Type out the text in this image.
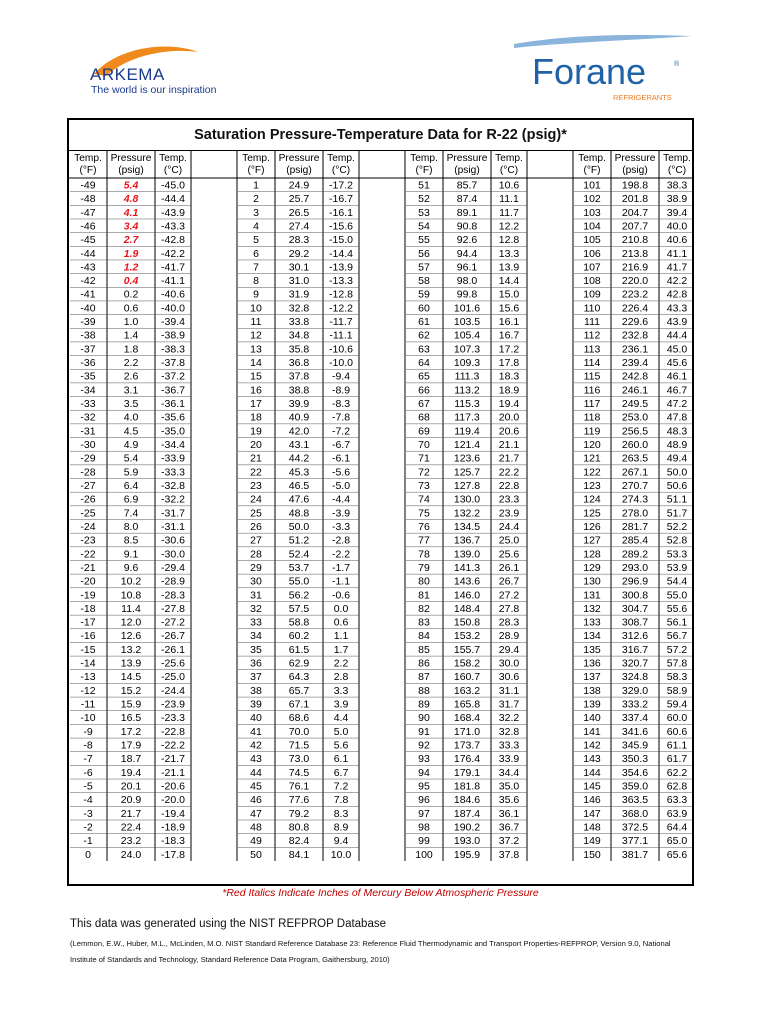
ARKEMA
The world is our inspiration	Forane	®
REFRIGERANTS
Saturation Pressure-Temperature Data for R-22 (psig)*
Temp.
(°F)
-49
-48
-47
-46
-45
-44
-43
-42
-41
-40
-39
-38
-37
-36
-35
-34
-33
-32
-31
-30
-29
-28
-27
-26
-25
-24
-23
-22
-21
-20
-19
-18
-17
-16
-15
-14
-13
-12
-11
-10
-9
-8
-7
-6
-5
-4
-3
-2
-1
0
Pressure
(psig)
5.4
4.8
4.1
3.4
2.7
1.9
1.2
0.4
0.2
0.6
1.0
1.4
1.8
2.2
2.6
3.1
3.5
4.0
4.5
4.9
5.4
5.9
6.4
6.9
7.4
8.0
8.5
9.1
9.6
10.2
10.8
11.4
12.0
12.6
13.2
13.9
14.5
15.2
15.9
16.5
17.2
17.9
18.7
19.4
20.1
20.9
21.7
22.4
23.2
24.0
Temp.
(°C)
-45.0
-44.4
-43.9
-43.3
-42.8
-42.2
-41.7
-41.1
-40.6
-40.0
-39.4
-38.9
-38.3
-37.8
-37.2
-36.7
-36.1
-35.6
-35.0
-34.4
-33.9
-33.3
-32.8
-32.2
-31.7
-31.1
-30.6
-30.0
-29.4
-28.9
-28.3
-27.8
-27.2
-26.7
-26.1
-25.6
-25.0
-24.4
-23.9
-23.3
-22.8
-22.2
-21.7
-21.1
-20.6
-20.0
-19.4
-18.9
-18.3
-17.8
Temp.
(°F)
1
2
3
4
5
6
7
8
9
10
11
12
13
14
15
16
17
18
19
20
21
22
23
24
25
26
27
28
29
30
31
32
33
34
35
36
37
38
39
40
41
42
43
44
45
46
47
48
49
50
Pressure
(psig)
24.9
25.7
26.5
27.4
28.3
29.2
30.1
31.0
31.9
32.8
33.8
34.8
35.8
36.8
37.8
38.8
39.9
40.9
42.0
43.1
44.2
45.3
46.5
47.6
48.8
50.0
51.2
52.4
53.7
55.0
56.2
57.5
58.8
60.2
61.5
62.9
64.3
65.7
67.1
68.6
70.0
71.5
73.0
74.5
76.1
77.6
79.2
80.8
82.4
84.1
Temp.
(°C)
-17.2
-16.7
-16.1
-15.6
-15.0
-14.4
-13.9
-13.3
-12.8
-12.2
-11.7
-11.1
-10.6
-10.0
-9.4
-8.9
-8.3
-7.8
-7.2
-6.7
-6.1
-5.6
-5.0
-4.4
-3.9
-3.3
-2.8
-2.2
-1.7
-1.1
-0.6
0.0
0.6
1.1
1.7
2.2
2.8
3.3
3.9
4.4
5.0
5.6
6.1
6.7
7.2
7.8
8.3
8.9
9.4
10.0
Temp.
(°F)
51
52
53
54
55
56
57
58
59
60
61
62
63
64
65
66
67
68
69
70
71
72
73
74
75
76
77
78
79
80
81
82
83
84
85
86
87
88
89
90
91
92
93
94
95
96
97
98
99
100
Pressure
(psig)
85.7
87.4
89.1
90.8
92.6
94.4
96.1
98.0
99.8
101.6
103.5
105.4
107.3
109.3
111.3
113.2
115.3
117.3
119.4
121.4
123.6
125.7
127.8
130.0
132.2
134.5
136.7
139.0
141.3
143.6
146.0
148.4
150.8
153.2
155.7
158.2
160.7
163.2
165.8
168.4
171.0
173.7
176.4
179.1
181.8
184.6
187.4
190.2
193.0
195.9
Temp.
(°C)
10.6
11.1
11.7
12.2
12.8
13.3
13.9
14.4
15.0
15.6
16.1
16.7
17.2
17.8
18.3
18.9
19.4
20.0
20.6
21.1
21.7
22.2
22.8
23.3
23.9
24.4
25.0
25.6
26.1
26.7
27.2
27.8
28.3
28.9
29.4
30.0
30.6
31.1
31.7
32.2
32.8
33.3
33.9
34.4
35.0
35.6
36.1
36.7
37.2
37.8
Temp.
(°F)
101
102
103
104
105
106
107
108
109
110
111
112
113
114
115
116
117
118
119
120
121
122
123
124
125
126
127
128
129
130
131
132
133
134
135
136
137
138
139
140
141
142
143
144
145
146
147
148
149
150
Pressure
(psig)
198.8
201.8
204.7
207.7
210.8
213.8
216.9
220.0
223.2
226.4
229.6
232.8
236.1
239.4
242.8
246.1
249.5
253.0
256.5
260.0
263.5
267.1
270.7
274.3
278.0
281.7
285.4
289.2
293.0
296.9
300.8
304.7
308.7
312.6
316.7
320.7
324.8
329.0
333.2
337.4
341.6
345.9
350.3
354.6
359.0
363.5
368.0
372.5
377.1
381.7
Temp.
(°C)
38.3
38.9
39.4
40.0
40.6
41.1
41.7
42.2
42.8
43.3
43.9
44.4
45.0
45.6
46.1
46.7
47.2
47.8
48.3
48.9
49.4
50.0
50.6
51.1
51.7
52.2
52.8
53.3
53.9
54.4
55.0
55.6
56.1
56.7
57.2
57.8
58.3
58.9
59.4
60.0
60.6
61.1
61.7
62.2
62.8
63.3
63.9
64.4
65.0
65.6
*Red Italics Indicate Inches of Mercury Below Atmospheric Pressure
This data was generated using the NIST REFPROP Database
(Lemmon, E.W., Huber, M.L., McLinden, M.O. NIST Standard Reference Database 23: Reference Fluid Thermodynamic and Transport Properties-REFPROP, Version 9.0, National Institute of Standards and Technology, Standard Reference Data Program, Gaithersburg, 2010)
